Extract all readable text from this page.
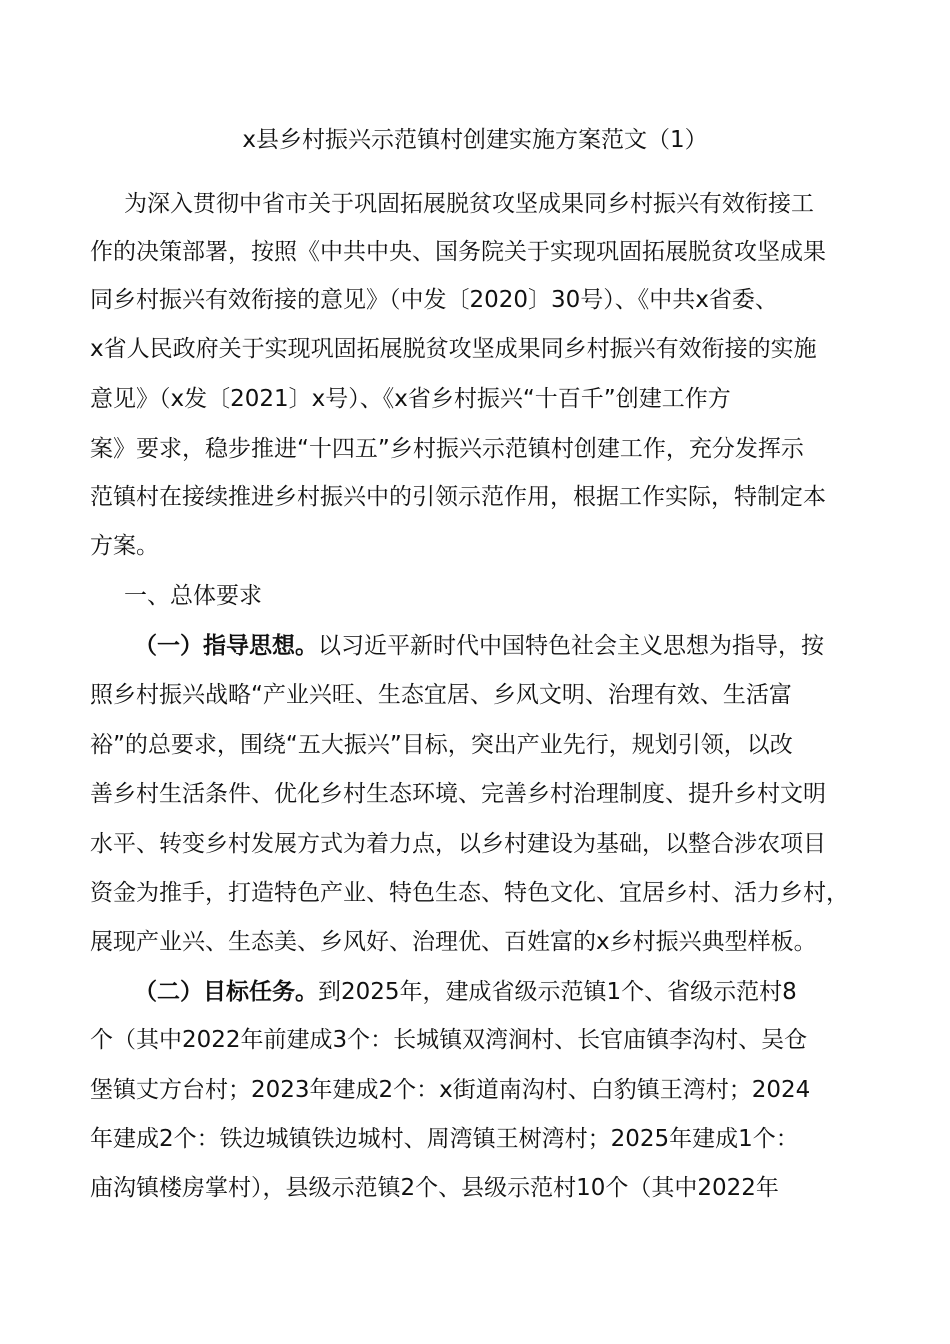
x县乡村振兴示范镇村创建实施方案范文（1）
为深入贯彻中省市关于巩固拓展脱贫攻坚成果同乡村振兴有效衔接工
作的决策部署，按照《中共中央、国务院关于实现巩固拓展脱贫攻坚成果
同乡村振兴有效衔接的意见》（中发〔2020〕30号）、《中共x省委、
x省人民政府关于实现巩固拓展脱贫攻坚成果同乡村振兴有效衔接的实施
意见》（x发〔2021〕x号）、《x省乡村振兴“十百千”创建工作方
案》要求，稳步推进“十四五”乡村振兴示范镇村创建工作，充分发挥示
范镇村在接续推进乡村振兴中的引领示范作用，根据工作实际，特制定本
方案。
一、总体要求
（一）指导思想。以习近平新时代中国特色社会主义思想为指导，按
照乡村振兴战略“产业兴旺、生态宜居、乡风文明、治理有效、生活富
裕”的总要求，围绕“五大振兴”目标，突出产业先行，规划引领，以改
善乡村生活条件、优化乡村生态环境、完善乡村治理制度、提升乡村文明
水平、转变乡村发展方式为着力点，以乡村建设为基础，以整合涉农项目
资金为推手，打造特色产业、特色生态、特色文化、宜居乡村、活力乡村，
展现产业兴、生态美、乡风好、治理优、百姓富的x乡村振兴典型样板。
（二）目标任务。到2025年，建成省级示范镇1个、省级示范村8
个（其中2022年前建成3个：长城镇双湾涧村、长官庙镇李沟村、吴仓
堡镇丈方台村；2023年建成2个：x街道南沟村、白豹镇王湾村；2024
年建成2个：铁边城镇铁边城村、周湾镇王树湾村；2025年建成1个：
庙沟镇楼房掌村），县级示范镇2个、县级示范村10个（其中2022年
